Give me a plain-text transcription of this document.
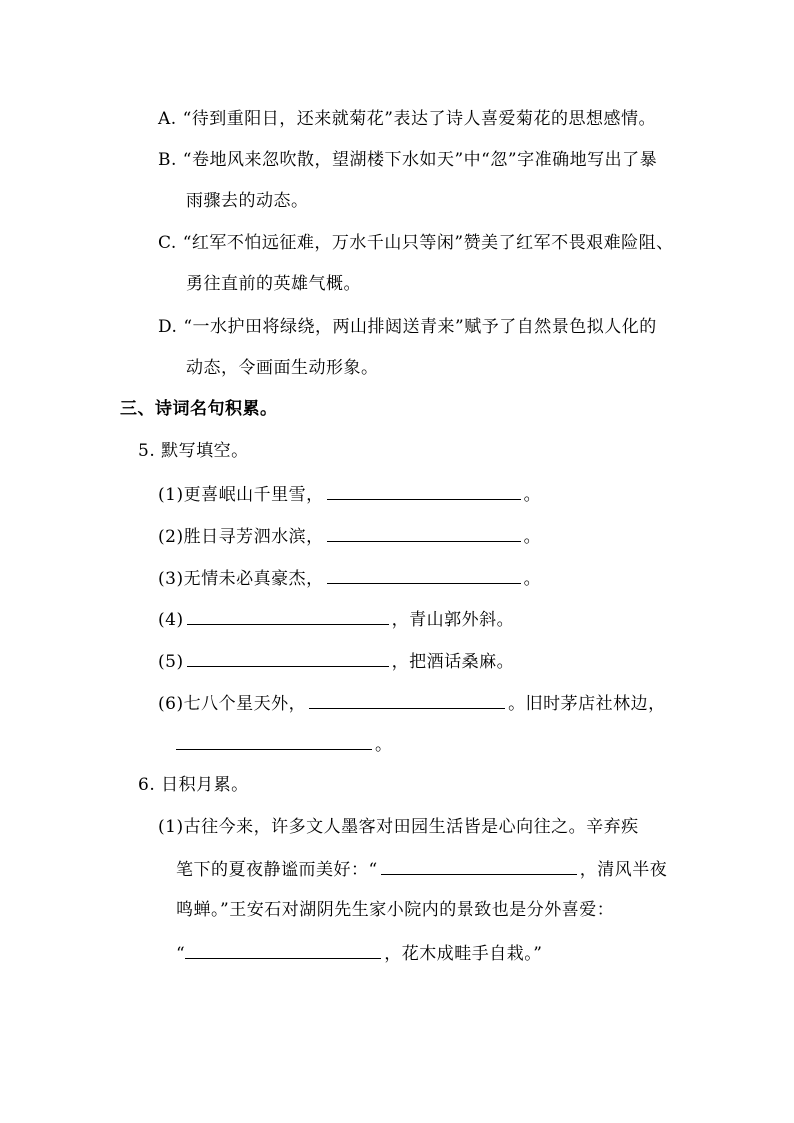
A. “待到重阳日，还来就菊花”表达了诗人喜爱菊花的思想感情。
B. “卷地风来忽吹散，望湖楼下水如天”中“忽”字准确地写出了暴
雨骤去的动态。
C. “红军不怕远征难，万水千山只等闲”赞美了红军不畏艰难险阻、
勇往直前的英雄气概。
D. “一水护田将绿绕，两山排闼送青来”赋予了自然景色拟人化的
动态，令画面生动形象。
三、诗词名句积累。
5. 默写填空。
(1)更喜岷山千里雪，	。
(2)胜日寻芳泗水滨，	。
(3)无情未必真豪杰，	。
(4)	，青山郭外斜。
(5)	，把酒话桑麻。
(6)七八个星天外，	。旧时茅店社林边，
。
6. 日积月累。
(1)古往今来，许多文人墨客对田园生活皆是心向往之。辛弃疾
笔下的夏夜静谧而美好：“	，清风半夜
鸣蝉。”王安石对湖阴先生家小院内的景致也是分外喜爱：
“	，花木成畦手自栽。”
